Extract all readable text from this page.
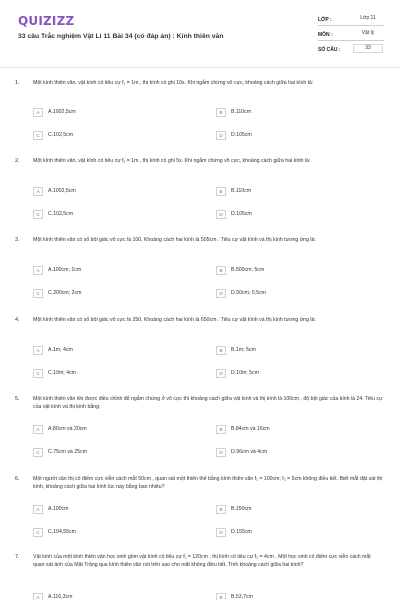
QUIZIZZ
33 câu Trắc nghiệm Vật Lí 11 Bài 34 (có đáp án) : Kính thiên văn
LỚP :	Lớp 11
MÔN :	Vật lý
SỐ CÂU :	33
1.	Một kính thiên văn, vật kính có tiêu cự f₁ = 1m , thị kính có ghi 10x. Khi ngắm chừng vô cực, khoảng cách giữa hai kính là:
A	A.1002,5cm	B	B.110cm
C	C.102,5cm	D	D.105cm
2.	Một kính thiên văn, vật kính có tiêu cự f₁ = 1m , thị kính có ghi 5x. Khi ngắm chừng vô cực, khoảng cách giữa hai kính là:
A	A.1002,5cm	B	B.110cm
C	C.102,5cm	D	D.105cm
3.	Một kính thiên văn có số bội giác vô cực là 100. Khoảng cách hai kính là 505cm . Tiêu cự vật kính và thị kính tương ứng là:
A	A.100cm; 1cm	B	B.500cm; 5cm
C	C.200cm; 2cm	D	D.50cm; 0,5cm
4.	Một kính thiên văn có số bội giác vô cực là 250. Khoảng cách hai kính là 650cm . Tiêu cự vật kính và thị kính tương ứng là:
A	A.1m; 4cm	B	B.1m; 5cm
C	C.10m; 4cm	D	D.10m; 5cm
5.	Một kính thiên văn khi được điều chỉnh để ngắm chừng ở vô cực thì khoảng cách giữa vật kính và thị kính là 100cm , độ bội giác của kính là 24. Tiêu cự của vật kính và thị kính bằng:
A	A.80cm và 20cm	B	B.84cm và 16cm
C	C.75cm và 25cm	D	D.96cm và 4cm
6.	Một người cận thị có điểm cực viễn cách mắt 50cm , quan sát một thiên thể bằng kính thiên văn f₁ = 100cm; f₂ = 5cm không điều tiết. Biết mắt đặt sát thị kính, khoảng cách giữa hai kính lúc này bằng bao nhiêu?
A	A.100cm	B	B.150cm
C	C.104,55cm	D	D.155cm
7.	Vật kính của một kính thiên văn học sinh gồm vật kính có tiêu cự f₁ = 120cm , thị kính có tiêu cự f₂ = 4cm . Một học sinh có điểm cực viễn cách mắt quan sát ảnh của Mặt Trăng qua kính thiên văn nói trên sao cho mắt không điều tiết. Tính khoảng cách giữa hai kính?
A	A.116,3cm	B	B.53,7cm
